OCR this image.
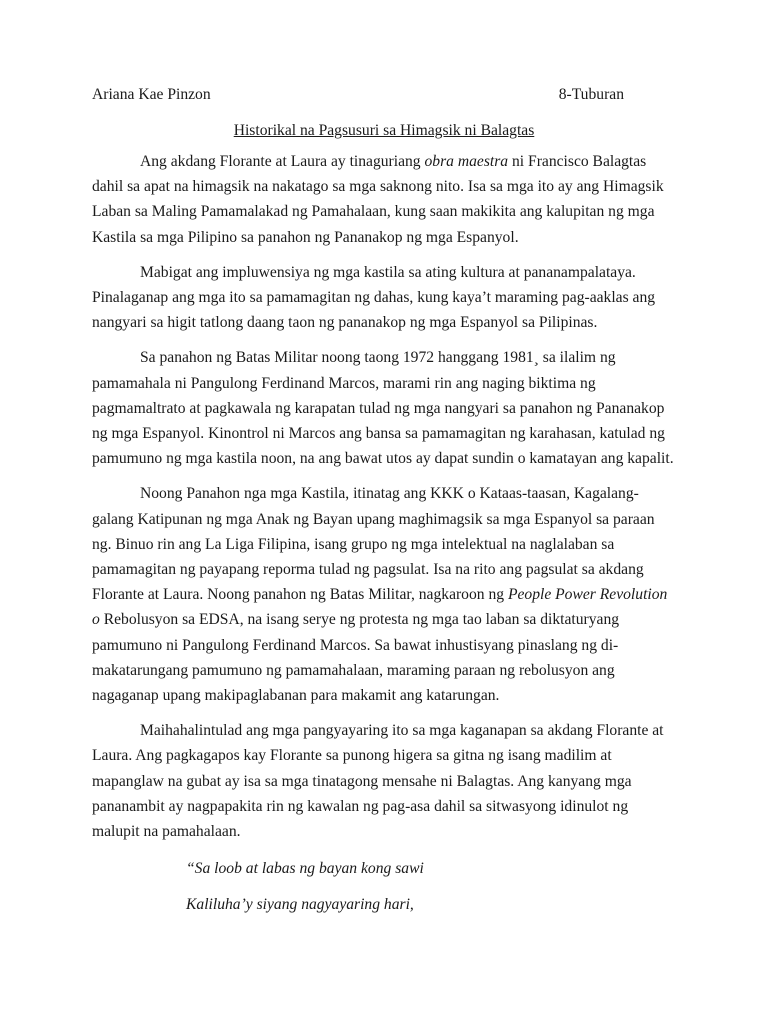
Ariana Kae Pinzon	8-Tuburan
Historikal na Pagsusuri sa Himagsik ni Balagtas

Ang akdang Florante at Laura ay tinaguriang obra maestra ni Francisco Balagtas dahil sa apat na himagsik na nakatago sa mga saknong nito. Isa sa mga ito ay ang Himagsik Laban sa Maling Pamamalakad ng Pamahalaan, kung saan makikita ang kalupitan ng mga Kastila sa mga Pilipino sa panahon ng Pananakop ng mga Espanyol.

Mabigat ang impluwensiya ng mga kastila sa ating kultura at pananampalataya. Pinalaganap ang mga ito sa pamamagitan ng dahas, kung kaya’t maraming pag-aaklas ang nangyari sa higit tatlong daang taon ng pananakop ng mga Espanyol sa Pilipinas.

Sa panahon ng Batas Militar noong taong 1972 hanggang 1981¸ sa ilalim ng pamamahala ni Pangulong Ferdinand Marcos, marami rin ang naging biktima ng pagmamaltrato at pagkawala ng karapatan tulad ng mga nangyari sa panahon ng Pananakop ng mga Espanyol. Kinontrol ni Marcos ang bansa sa pamamagitan ng karahasan, katulad ng pamumuno ng mga kastila noon, na ang bawat utos ay dapat sundin o kamatayan ang kapalit.

Noong Panahon nga mga Kastila, itinatag ang KKK o Kataas-taasan, Kagalang-galang Katipunan ng mga Anak ng Bayan upang maghimagsik sa mga Espanyol sa paraan ng. Binuo rin ang La Liga Filipina, isang grupo ng mga intelektual na naglalaban sa pamamagitan ng payapang reporma tulad ng pagsulat. Isa na rito ang pagsulat sa akdang Florante at Laura. Noong panahon ng Batas Militar, nagkaroon ng People Power Revolution o Rebolusyon sa EDSA, na isang serye ng protesta ng mga tao laban sa diktaturyang pamumuno ni Pangulong Ferdinand Marcos. Sa bawat inhustisyang pinaslang ng di-makatarungang pamumuno ng pamamahalaan, maraming paraan ng rebolusyon ang nagaganap upang makipaglabanan para makamit ang katarungan.

Maihahalintulad ang mga pangyayaring ito sa mga kaganapan sa akdang Florante at Laura. Ang pagkagapos kay Florante sa punong higera sa gitna ng isang madilim at mapanglaw na gubat ay isa sa mga tinatagong mensahe ni Balagtas. Ang kanyang mga pananambit ay nagpapakita rin ng kawalan ng pag-asa dahil sa sitwasyong idinulot ng malupit na pamahalaan.

“Sa loob at labas ng bayan kong sawi
Kaliluha’y siyang nagyayaring hari,
